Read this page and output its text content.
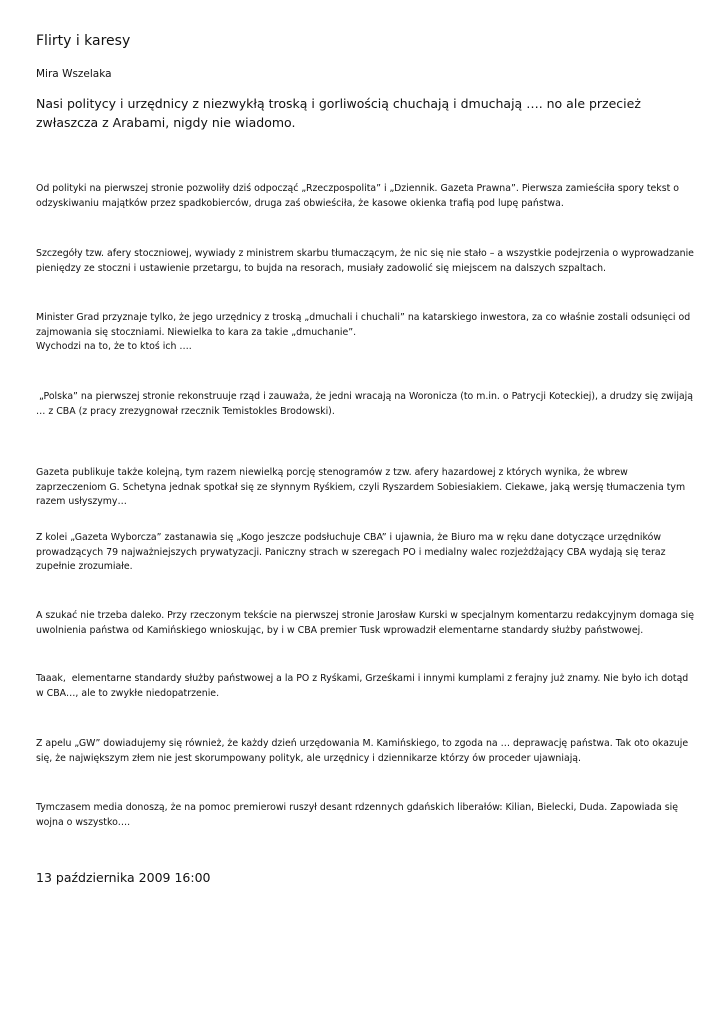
Flirty i karesy
Mira Wszelaka
Nasi politycy i urzędnicy z niezwykłą troską i gorliwością chuchają i dmuchają …. no ale przecież zwłaszcza z Arabami, nigdy nie wiadomo.
Od polityki na pierwszej stronie pozwoliły dziś odpocząć „Rzeczpospolita” i „Dziennik. Gazeta Prawna”. Pierwsza zamieściła spory tekst o odzyskiwaniu majątków przez spadkobierców, druga zaś obwieściła, że kasowe okienka trafią pod lupę państwa.
Szczegóły tzw. afery stoczniowej, wywiady z ministrem skarbu tłumaczącym, że nic się nie stało – a wszystkie podejrzenia o wyprowadzanie pieniędzy ze stoczni i ustawienie przetargu, to bujda na resorach, musiały zadowolić się miejscem na dalszych szpaltach.
Minister Grad przyznaje tylko, że jego urzędnicy z troską „dmuchali i chuchali” na katarskiego inwestora, za co właśnie zostali odsunięci od zajmowania się stoczniami. Niewielka to kara za takie „dmuchanie”.
Wychodzi na to, że to ktoś ich ….
„Polska” na pierwszej stronie rekonstruuje rząd i zauważa, że jedni wracają na Woronicza (to m.in. o Patrycji Koteckiej), a drudzy się zwijają … z CBA (z pracy zrezygnował rzecznik Temistokles Brodowski).
Gazeta publikuje także kolejną, tym razem niewielką porcję stenogramów z tzw. afery hazardowej z których wynika, że wbrew zaprzeczeniom G. Schetyna jednak spotkał się ze słynnym Ryśkiem, czyli Ryszardem Sobiesiakiem. Ciekawe, jaką wersję tłumaczenia tym razem usłyszymy…
Z kolei „Gazeta Wyborcza” zastanawia się „Kogo jeszcze podsłuchuje CBA” i ujawnia, że Biuro ma w ręku dane dotyczące urzędników prowadzących 79 najważniejszych prywatyzacji. Paniczny strach w szeregach PO i medialny walec rozjeżdżający CBA wydają się teraz zupełnie zrozumiałe.
A szukać nie trzeba daleko. Przy rzeczonym tekście na pierwszej stronie Jarosław Kurski w specjalnym komentarzu redakcyjnym domaga się uwolnienia państwa od Kamińskiego wnioskując, by i w CBA premier Tusk wprowadził elementarne standardy służby państwowej.
Taaak,  elementarne standardy służby państwowej a la PO z Ryśkami, Grześkami i innymi kumplami z ferajny już znamy. Nie było ich dotąd w CBA…, ale to zwykłe niedopatrzenie.
Z apelu „GW” dowiadujemy się również, że każdy dzień urzędowania M. Kamińskiego, to zgoda na … deprawację państwa. Tak oto okazuje się, że największym złem nie jest skorumpowany polityk, ale urzędnicy i dziennikarze którzy ów proceder ujawniają.
Tymczasem media donoszą, że na pomoc premierowi ruszył desant rdzennych gdańskich liberałów: Kilian, Bielecki, Duda. Zapowiada się wojna o wszystko….
13 października 2009 16:00
